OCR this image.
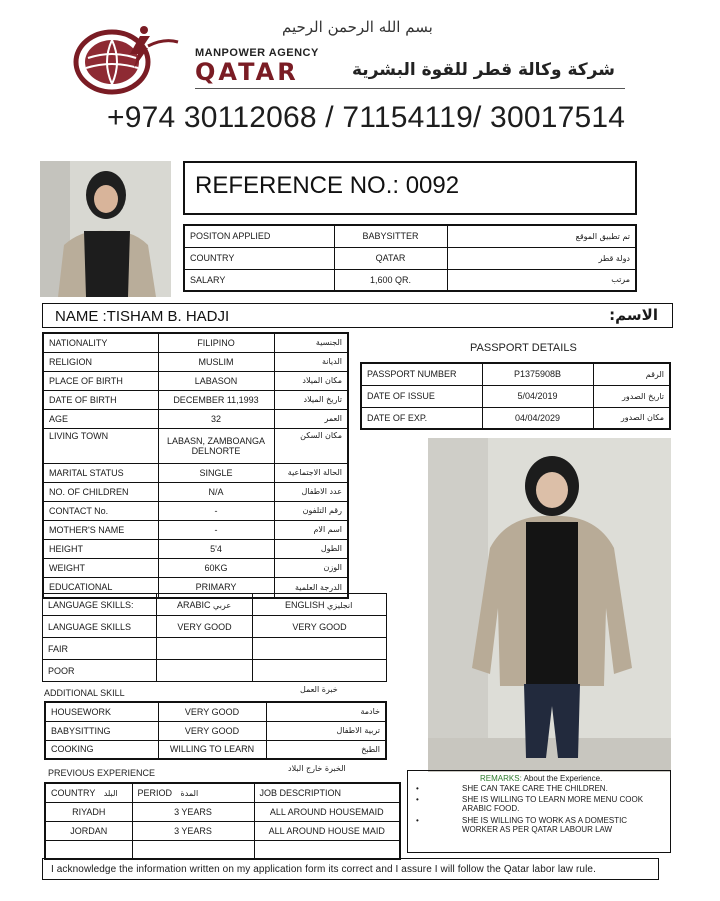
بسم الله الرحمن الرحيم
MANPOWER AGENCY
QATAR	شركة وكالة قطر للقوة البشرية
+974 30112068 / 71154119/ 30017514
REFERENCE NO.: 0092
POSITON APPLIED	BABYSITTER	تم تطبيق الموقع
COUNTRY	QATAR	دولة قطر
SALARY	1,600 QR.	مرتب
NAME :TISHAM B. HADJI	الاسم:
NATIONALITY	FILIPINO	الجنسية
RELIGION	MUSLIM	الديانة
PLACE OF BIRTH	LABASON	مكان الميلاد
DATE OF BIRTH	DECEMBER 11,1993	تاريخ الميلاد
AGE	32	العمر
LIVING TOWN	LABASN, ZAMBOANGA DELNORTE	مكان السكن
MARITAL STATUS	SINGLE	الحالة الاجتماعية
NO. OF CHILDREN	N/A	عدد الاطفال
CONTACT No.	-	رقم التلفون
MOTHER'S NAME	-	اسم الام
HEIGHT	5'4	الطول
WEIGHT	60KG	الوزن
EDUCATIONAL	PRIMARY	الدرجة العلمية
PASSPORT DETAILS
PASSPORT NUMBER	P1375908B	الرقم
DATE OF ISSUE	5/04/2019	تاريخ الصدور
DATE OF EXP.	04/04/2029	مكان الصدور
LANGUAGE SKILLS:	ARABIC عربي	ENGLISH انجليزي
LANGUAGE SKILLS	VERY GOOD	VERY GOOD
FAIR		
POOR		
ADDITIONAL SKILL	خبرة العمل
HOUSEWORK	VERY GOOD	خادمة
BABYSITTING	VERY GOOD	تربية الاطفال
COOKING	WILLING TO LEARN	الطبخ
PREVIOUS EXPERIENCE	الخبرة خارج البلاد
COUNTRY البلد	PERIOD المدة	JOB DESCRIPTION
RIYADH	3 YEARS	ALL AROUND HOUSEMAID
JORDAN	3 YEARS	ALL AROUND HOUSE MAID

REMARKS: About the Experience.
•	SHE CAN TAKE CARE THE CHILDREN.
•	SHE IS WILLING TO LEARN MORE MENU COOK ARABIC FOOD.
•	SHE IS WILLING TO WORK AS A DOMESTIC WORKER AS PER QATAR LABOUR LAW
I acknowledge the information written on my application form its correct and I assure I will follow the Qatar labor law rule.
